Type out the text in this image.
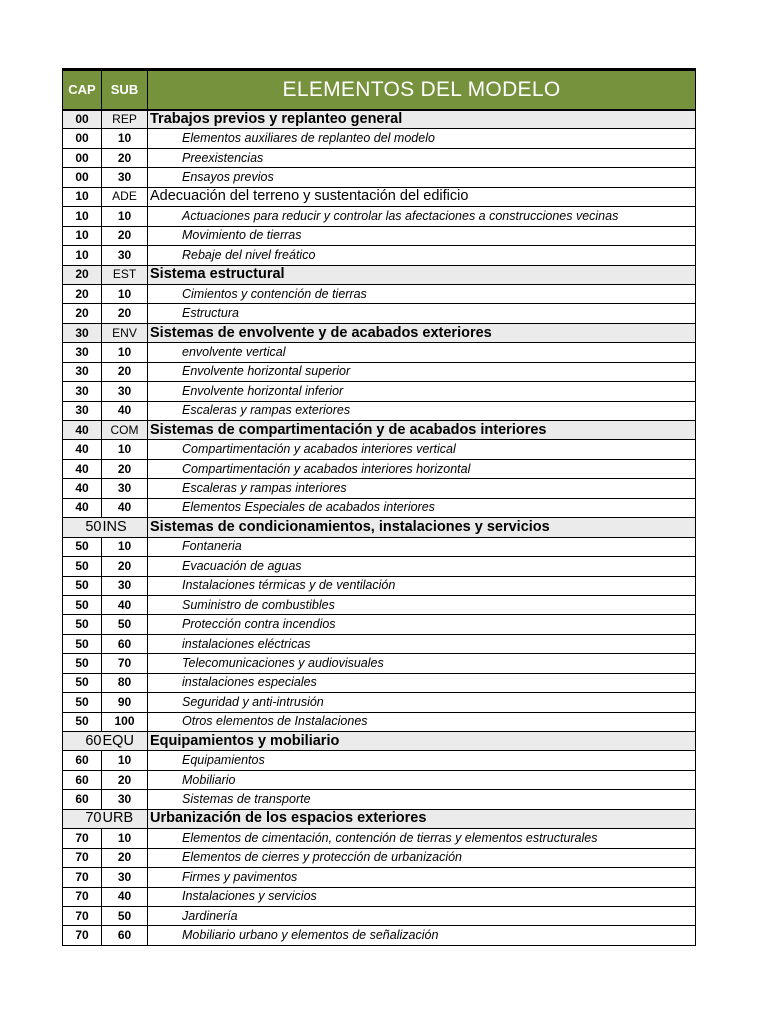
CAP	SUB	ELEMENTOS DEL MODELO
00	REP	Trabajos previos y replanteo general
00	10	Elementos auxiliares de replanteo del modelo
00	20	Preexistencias
00	30	Ensayos previos
10	ADE	Adecuación del terreno y sustentación del edificio
10	10	Actuaciones para reducir y controlar las afectaciones a construcciones vecinas
10	20	Movimiento de tierras
10	30	Rebaje del nivel freático
20	EST	Sistema estructural
20	10	Cimientos y contención de tierras
20	20	Estructura
30	ENV	Sistemas de envolvente y de acabados exteriores
30	10	envolvente vertical
30	20	Envolvente horizontal superior
30	30	Envolvente horizontal inferior
30	40	Escaleras y rampas exteriores
40	COM	Sistemas de compartimentación y de acabados interiores
40	10	Compartimentación y acabados interiores vertical
40	20	Compartimentación y acabados interiores horizontal
40	30	Escaleras y rampas interiores
40	40	Elementos Especiales de acabados interiores
50	INS	Sistemas de condicionamientos, instalaciones y servicios
50	10	Fontaneria
50	20	Evacuación de aguas
50	30	Instalaciones térmicas y de ventilación
50	40	Suministro de combustibles
50	50	Protección contra incendios
50	60	instalaciones eléctricas
50	70	Telecomunicaciones y audiovisuales
50	80	instalaciones especiales
50	90	Seguridad y anti-intrusión
50	100	Otros elementos de Instalaciones
60	EQU	Equipamientos y mobiliario
60	10	Equipamientos
60	20	Mobiliario
60	30	Sistemas de transporte
70	URB	Urbanización de los espacios exteriores
70	10	Elementos de cimentación, contención de tierras y elementos estructurales
70	20	Elementos de cierres y protección de urbanización
70	30	Firmes y pavimentos
70	40	Instalaciones y servicios
70	50	Jardinería
70	60	Mobiliario urbano y elementos de señalización
